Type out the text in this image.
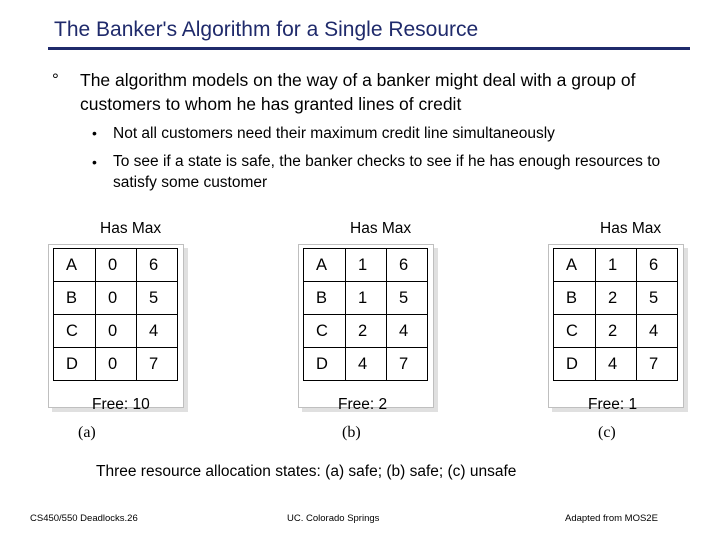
The Banker's Algorithm for a Single Resource
° The algorithm models on the way of a banker might deal with a group of customers to whom he has granted lines of credit
• Not all customers need their maximum credit line simultaneously
• To see if a state is safe, the banker checks to see if he has enough resources to satisfy some customer
Has Max
A	0	6
B	0	5
C	0	4
D	0	7
Free: 10
(a)
Has Max
A	1	6
B	1	5
C	2	4
D	4	7
Free: 2
(b)
Has Max
A	1	6
B	2	5
C	2	4
D	4	7
Free: 1
(c)
Three resource allocation states: (a) safe; (b) safe; (c) unsafe
CS450/550 Deadlocks.26	UC. Colorado Springs	Adapted from MOS2E
